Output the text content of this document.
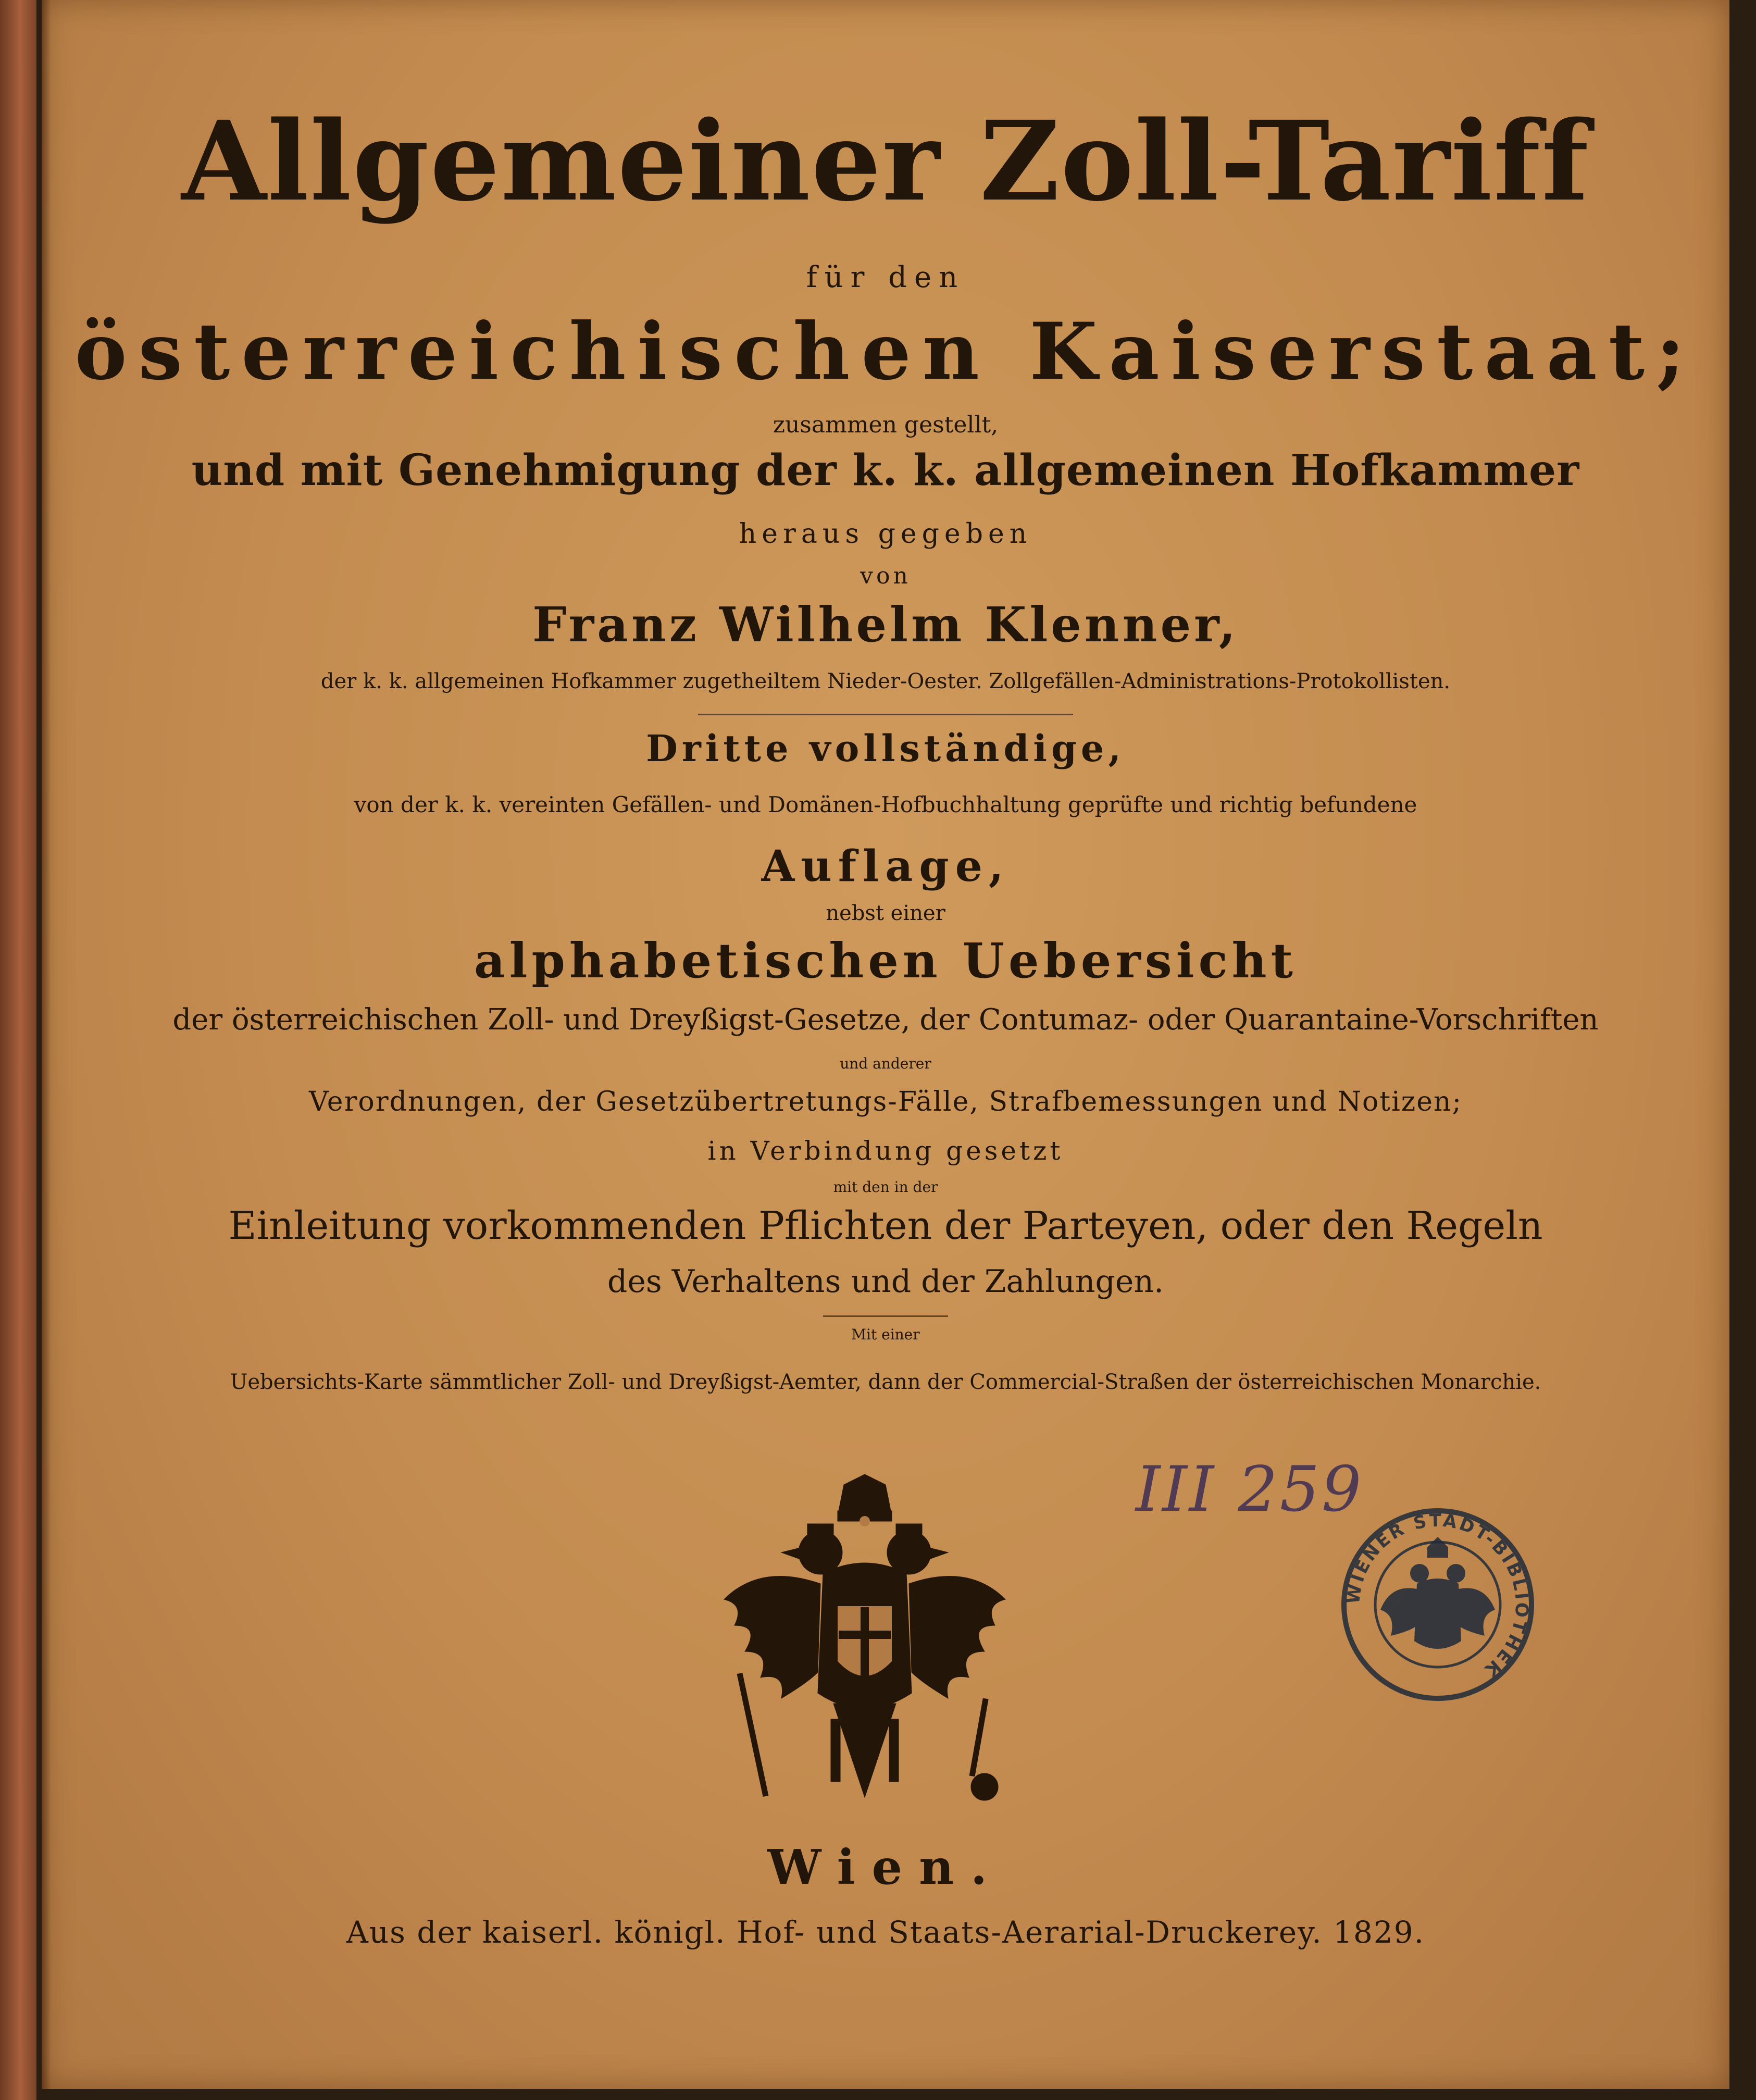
Allgemeiner Zoll-Tariff

für den

österreichischen Kaiserstaat;

zusammen gestellt,

und mit Genehmigung der k. k. allgemeinen Hofkammer

heraus gegeben

von

Franz Wilhelm Klenner,

der k. k. allgemeinen Hofkammer zugetheiltem Nieder-Oester. Zollgefällen-Administrations-Protokollisten.

Dritte vollständige,

von der k. k. vereinten Gefällen- und Domänen-Hofbuchhaltung geprüfte und richtig befundene

Auflage,

nebst einer

alphabetischen Uebersicht

der österreichischen Zoll- und Dreyßigst-Gesetze, der Contumaz- oder Quarantaine-Vorschriften

und anderer

Verordnungen, der Gesetzübertretungs-Fälle, Strafbemessungen und Notizen;

in Verbindung gesetzt

mit den in der

Einleitung vorkommenden Pflichten der Parteyen, oder den Regeln

des Verhaltens und der Zahlungen.

Mit einer

Uebersichts-Karte sämmtlicher Zoll- und Dreyßigst-Aemter, dann der Commercial-Straßen der österreichischen Monarchie.

Wien.

Aus der kaiserl. königl. Hof- und Staats-Aerarial-Druckerey. 1829.

III 259
WIENER STADT-BIBLIOTHEK
